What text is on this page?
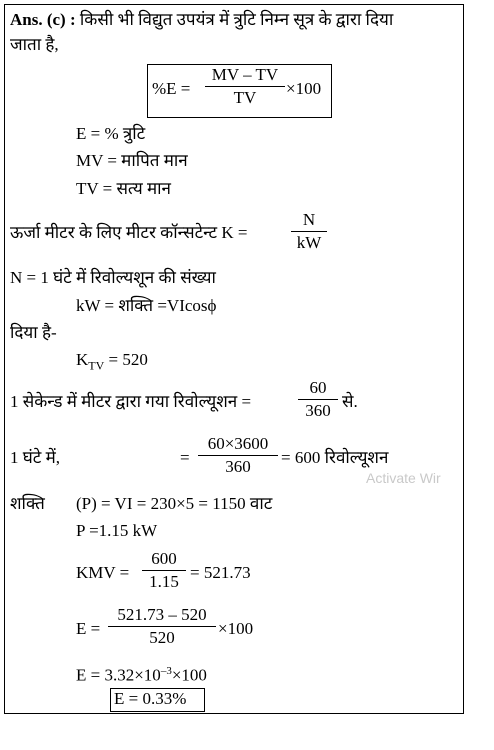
Ans. (c) : किसी भी विद्युत उपयंत्र में त्रुटि निम्न सूत्र के द्वारा दिया
जाता है,
%E =
MV – TV
TV	×100
E = % त्रुटि
MV = मापित मान
TV = सत्य मान
ऊर्जा मीटर के लिए मीटर कॉन्सटेन्ट K =
N
kW
N = 1 घंटे में रिवोल्यशून की संख्या
kW = शक्ति =VIcosϕ
दिया है-
$K_{TV} = 520$
1 सेकेन्ड में मीटर द्वारा गया रिवोल्यूशन =
60
360 से.
1 घंटे में,	=
60×3600
360	= 600 रिवोल्यूशन
Activate Wir
शक्ति (P) = VI = 230×5 = 1150 वाट
P =1.15 kW
KMV =
600
1.15 = 521.73
E =
521.73 – 520
520	×100
$E = 3.32\times 10^{-3}\times 100$
E = 0.33%
